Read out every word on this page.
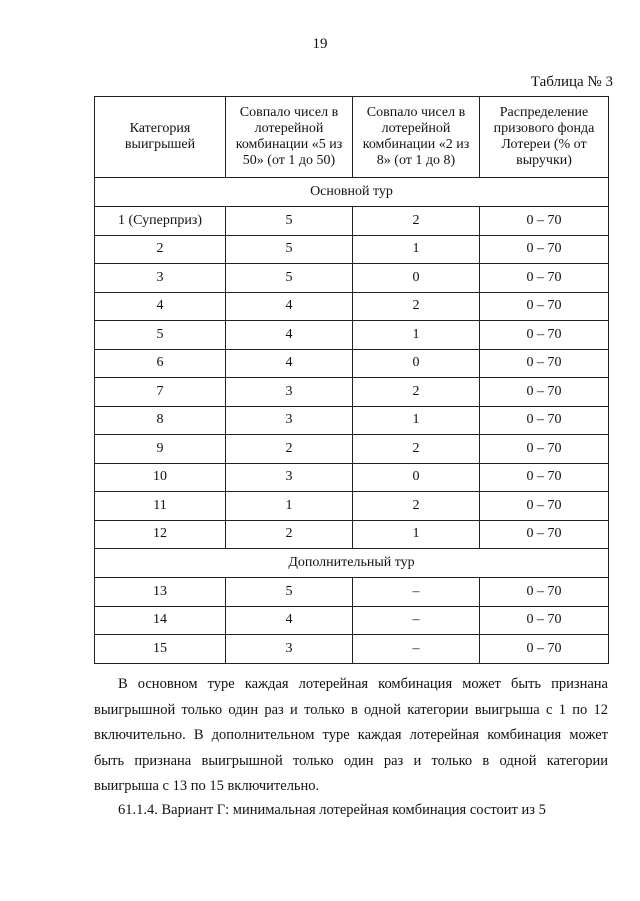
19
Таблица № 3
Категория выигрышей	Совпало чисел в лотерейной комбинации «5 из 50» (от 1 до 50)	Совпало чисел в лотерейной комбинации «2 из 8» (от 1 до 8)	Распределение призового фонда Лотереи (% от выручки)
Основной тур			
1 (Суперприз)	5	2	0 – 70
2	5	1	0 – 70
3	5	0	0 – 70
4	4	2	0 – 70
5	4	1	0 – 70
6	4	0	0 – 70
7	3	2	0 – 70
8	3	1	0 – 70
9	2	2	0 – 70
10	3	0	0 – 70
11	1	2	0 – 70
12	2	1	0 – 70
Дополнительный тур			
13	5	–	0 – 70
14	4	–	0 – 70
15	3	–	0 – 70

В основном туре каждая лотерейная комбинация может быть признана выигрышной только один раз и только в одной категории выигрыша с 1 по 12 включительно. В дополнительном туре каждая лотерейная комбинация может быть признана выигрышной только один раз и только в одной категории выигрыша с 13 по 15 включительно.

61.1.4. Вариант Г: минимальная лотерейная комбинация состоит из 5
